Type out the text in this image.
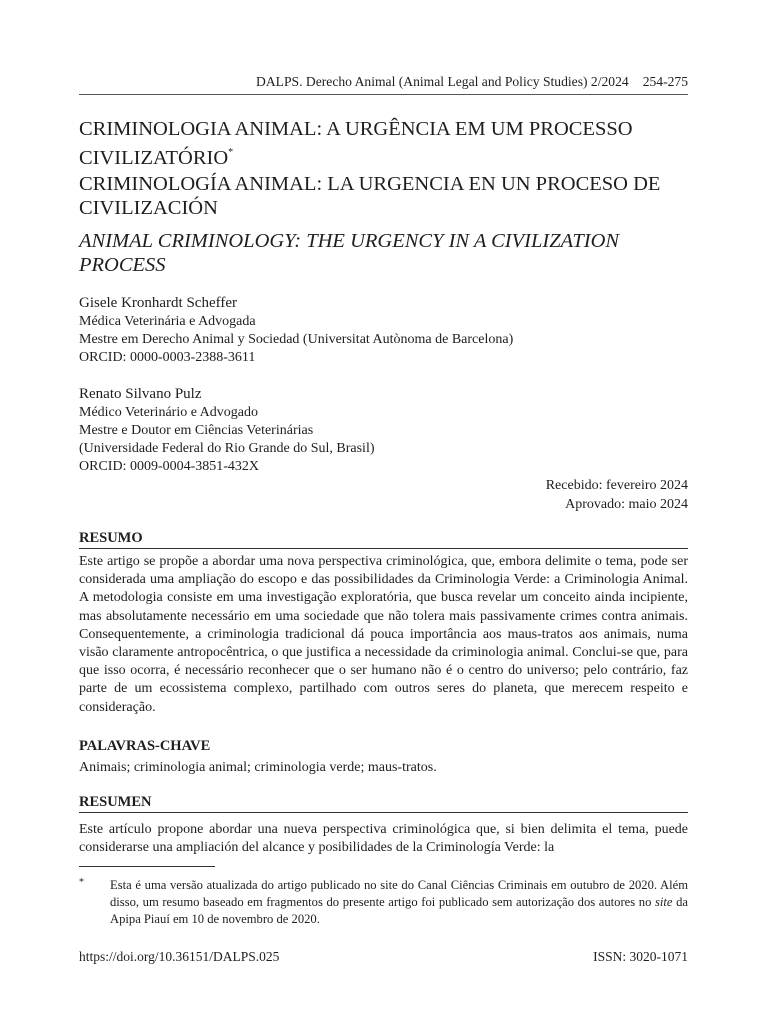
DALPS. Derecho Animal (Animal Legal and Policy Studies) 2/2024 254-275
CRIMINOLOGIA ANIMAL: A URGÊNCIA EM UM PROCESSO CIVILIZATÓRIO*
CRIMINOLOGÍA ANIMAL: LA URGENCIA EN UN PROCESO DE CIVILIZACIÓN
ANIMAL CRIMINOLOGY: THE URGENCY IN A CIVILIZATION PROCESS
Gisele Kronhardt Scheffer
Médica Veterinária e Advogada
Mestre em Derecho Animal y Sociedad (Universitat Autònoma de Barcelona)
ORCID: 0000-0003-2388-3611
Renato Silvano Pulz
Médico Veterinário e Advogado
Mestre e Doutor em Ciências Veterinárias
(Universidade Federal do Rio Grande do Sul, Brasil)
ORCID: 0009-0004-3851-432X
Recebido: fevereiro 2024
Aprovado: maio 2024
RESUMO

Este artigo se propõe a abordar uma nova perspectiva criminológica, que, embora delimite o tema, pode ser considerada uma ampliação do escopo e das possibilidades da Criminologia Verde: a Criminologia Animal. A metodologia consiste em uma investigação exploratória, que busca revelar um conceito ainda incipiente, mas absolutamente necessário em uma sociedade que não tolera mais passivamente crimes contra animais. Consequentemente, a criminologia tradicional dá pouca importância aos maus-tratos aos animais, numa visão claramente antropocêntrica, o que justifica a necessidade da criminologia animal. Conclui-se que, para que isso ocorra, é necessário reconhecer que o ser humano não é o centro do universo; pelo contrário, faz parte de um ecossistema complexo, partilhado com outros seres do planeta, que merecem respeito e consideração.

PALAVRAS-CHAVE

Animais; criminologia animal; criminologia verde; maus-tratos.

RESUMEN

Este artículo propone abordar una nueva perspectiva criminológica que, si bien delimita el tema, puede considerarse una ampliación del alcance y posibilidades de la Criminología Verde: la

* Esta é uma versão atualizada do artigo publicado no site do Canal Ciências Criminais em outubro de 2020. Além disso, um resumo baseado em fragmentos do presente artigo foi publicado sem autorização dos autores no site da Apipa Piauí em 10 de novembro de 2020.
https://doi.org/10.36151/DALPS.025	ISSN: 3020-1071
